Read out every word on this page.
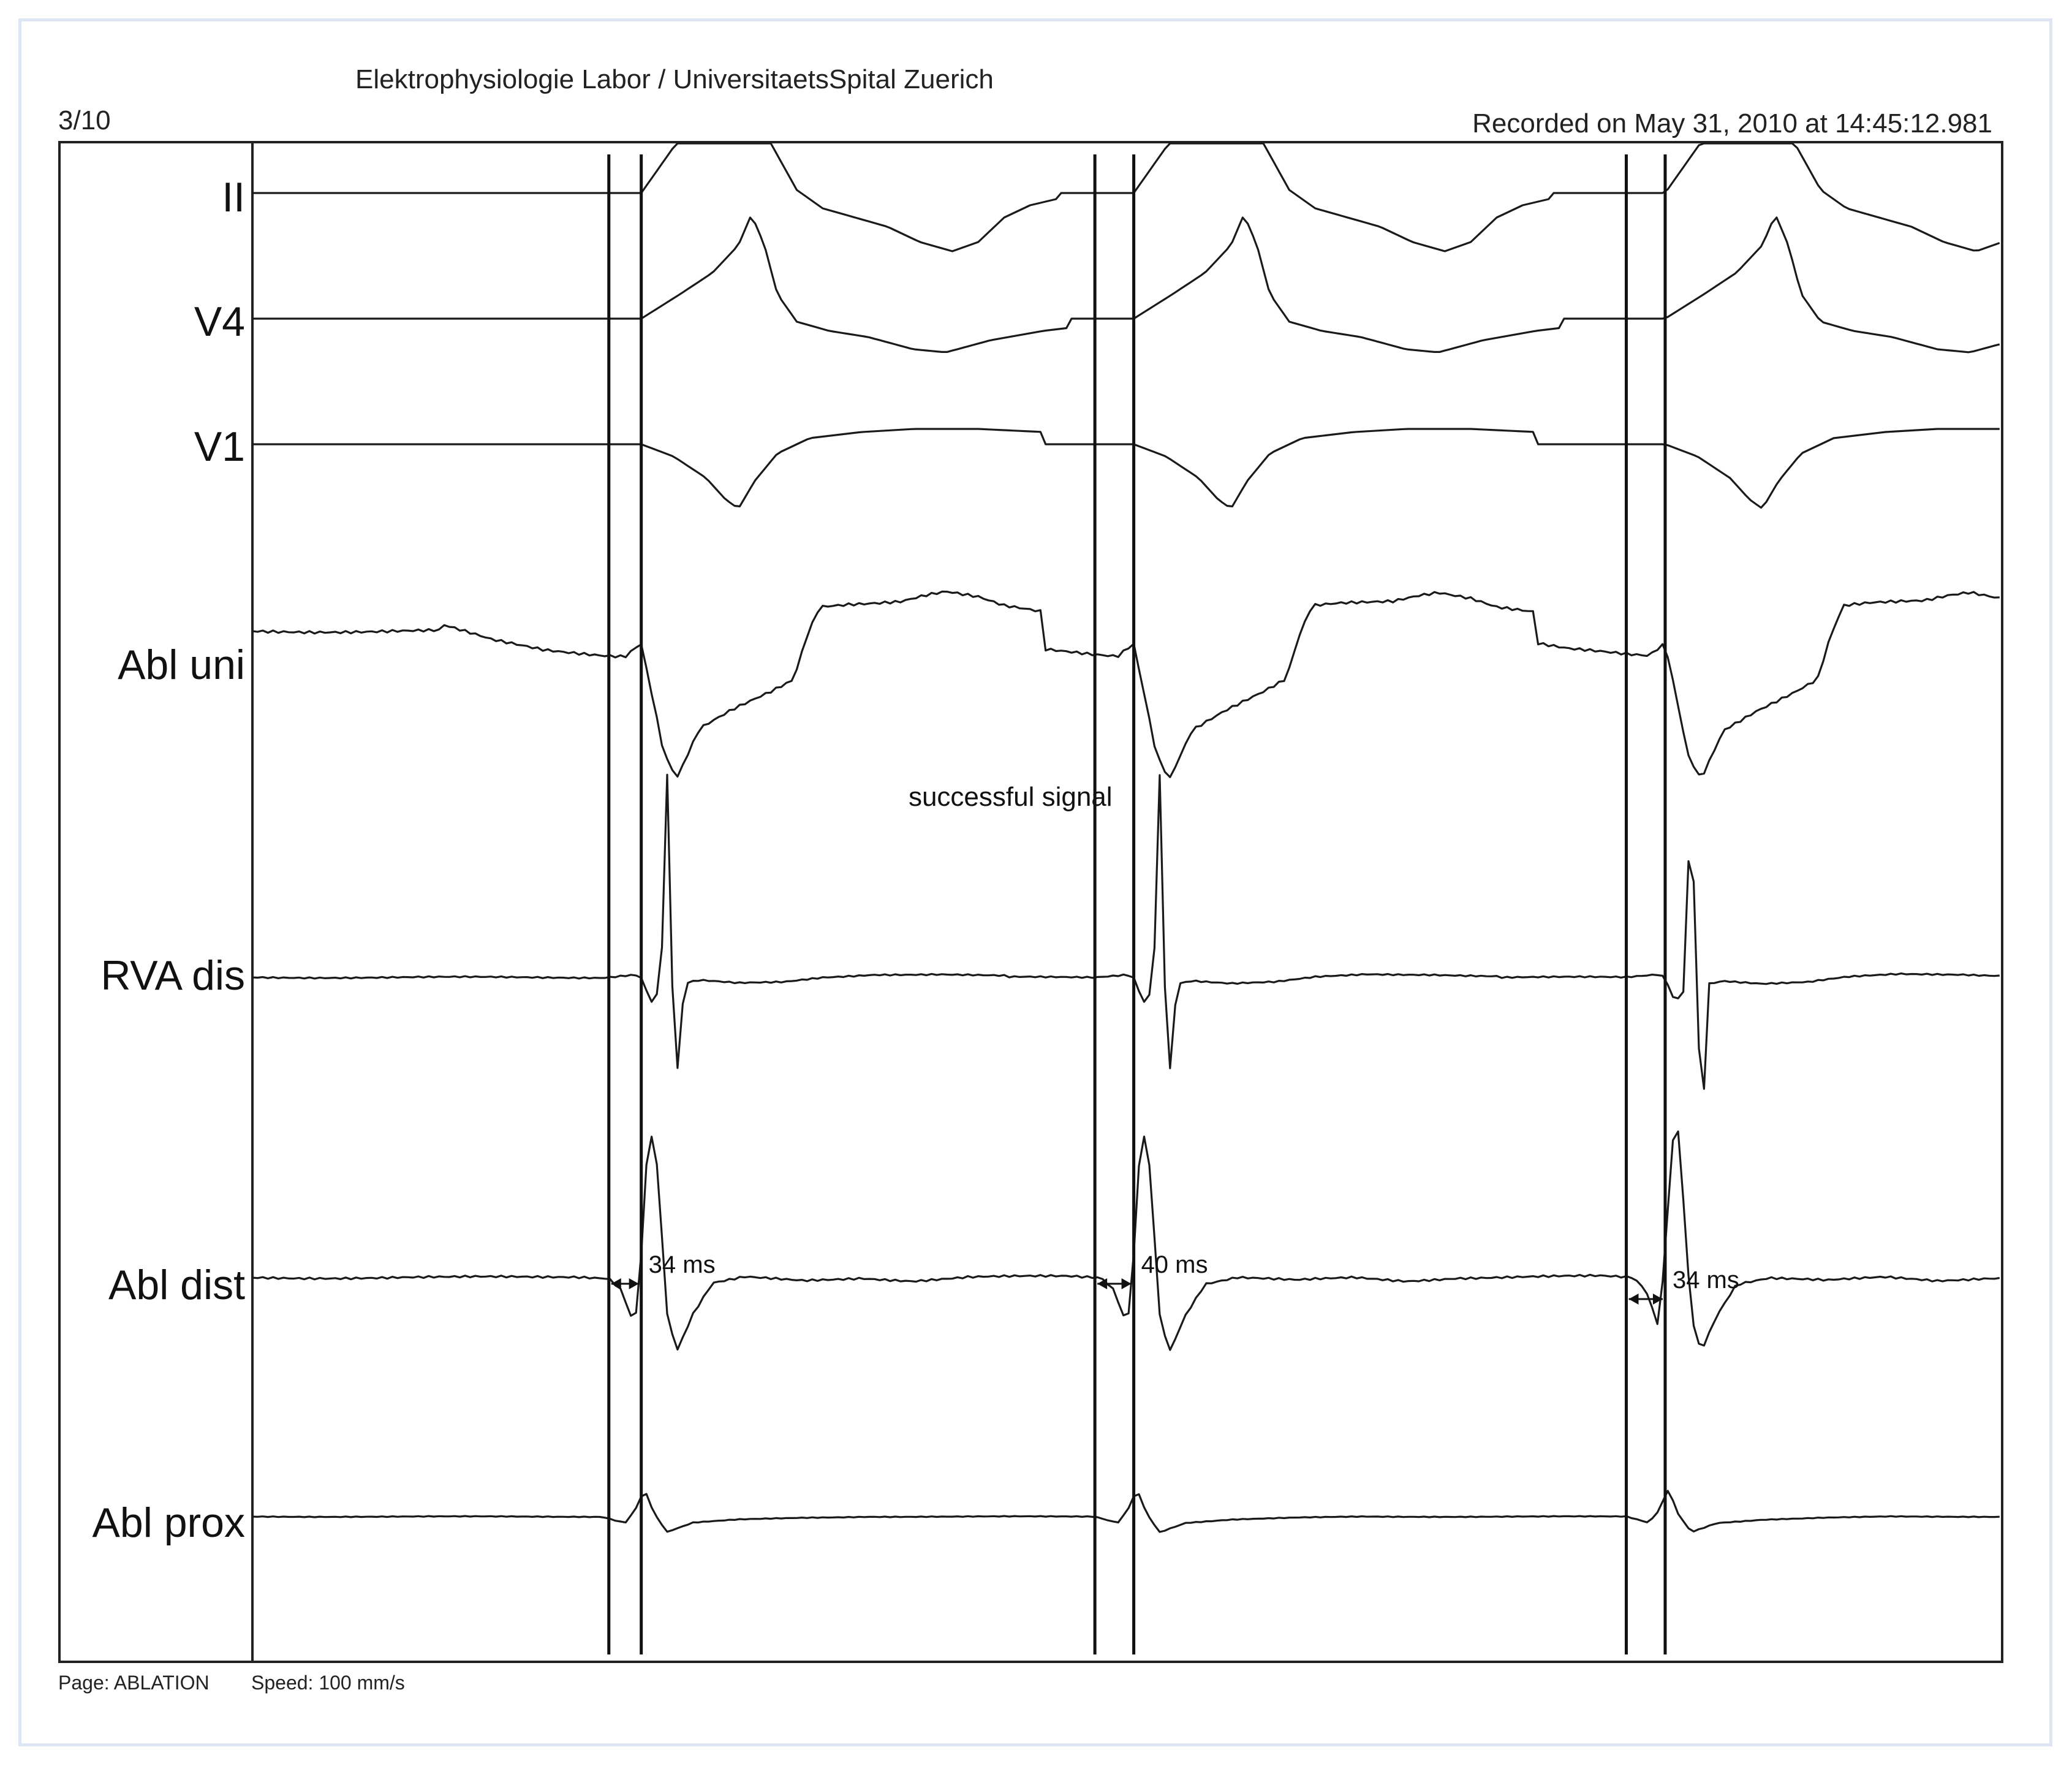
Elektrophysiologie Labor / UniversitaetsSpital Zuerich
3/10	Recorded on May 31, 2010 at 14:45:12.981
Page: ABLATION Speed: 100 mm/s
II
V4
V1
Abl uni
RVA dis
Abl dist
Abl prox
34 ms	40 ms
34 ms
successful signal
